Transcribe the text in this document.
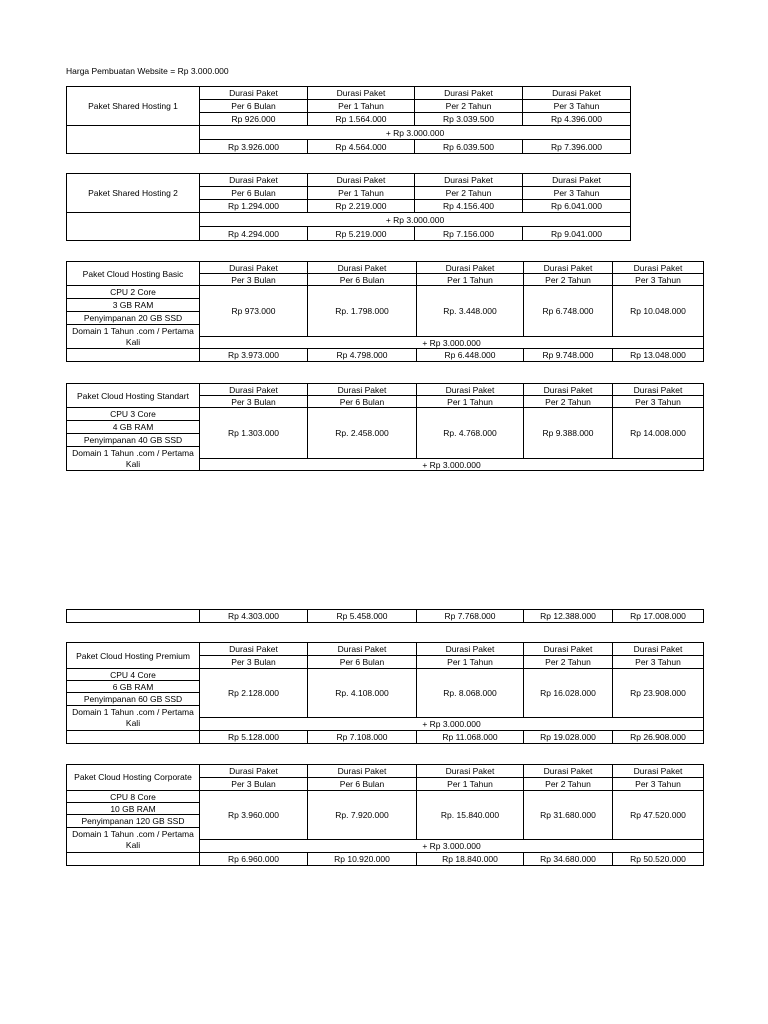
Harga Pembuatan Website = Rp 3.000.000
Paket Shared Hosting 1	Durasi Paket	Durasi Paket	Durasi Paket	Durasi Paket
	Per 6 Bulan	Per 1 Tahun	Per 2 Tahun	Per 3 Tahun
	Rp 926.000	Rp 1.564.000	Rp 3.039.500	Rp 4.396.000
	+ Rp 3.000.000			
	Rp 3.926.000	Rp 4.564.000	Rp 6.039.500	Rp 7.396.000
Paket Shared Hosting 2	Durasi Paket	Durasi Paket	Durasi Paket	Durasi Paket
	Per 6 Bulan	Per 1 Tahun	Per 2 Tahun	Per 3 Tahun
	Rp 1.294.000	Rp 2.219.000	Rp 4.156.400	Rp 6.041.000
	+ Rp 3.000.000			
	Rp 4.294.000	Rp 5.219.000	Rp 7.156.000	Rp 9.041.000
Paket Cloud Hosting Basic	Durasi Paket	Durasi Paket	Durasi Paket	Durasi Paket	Durasi Paket
	Per 3 Bulan	Per 6 Bulan	Per 1 Tahun	Per 2 Tahun	Per 3 Tahun
CPU 2 Core	Rp 973.000	Rp. 1.798.000	Rp. 3.448.000	Rp 6.748.000	Rp 10.048.000
3 GB RAM					
Penyimpanan 20 GB SSD					
Domain 1 Tahun .com / Pertama Kali					
	+ Rp 3.000.000				
	Rp 3.973.000	Rp 4.798.000	Rp 6.448.000	Rp 9.748.000	Rp 13.048.000
Paket Cloud Hosting Standart	Durasi Paket	Durasi Paket	Durasi Paket	Durasi Paket	Durasi Paket
	Per 3 Bulan	Per 6 Bulan	Per 1 Tahun	Per 2 Tahun	Per 3 Tahun
CPU 3 Core	Rp 1.303.000	Rp. 2.458.000	Rp. 4.768.000	Rp 9.388.000	Rp 14.008.000
4 GB RAM					
Penyimpanan 40 GB SSD					
Domain 1 Tahun .com / Pertama Kali					
	+ Rp 3.000.000				
	Rp 4.303.000	Rp 5.458.000	Rp 7.768.000	Rp 12.388.000	Rp 17.008.000
Paket Cloud Hosting Premium	Durasi Paket	Durasi Paket	Durasi Paket	Durasi Paket	Durasi Paket
	Per 3 Bulan	Per 6 Bulan	Per 1 Tahun	Per 2 Tahun	Per 3 Tahun
CPU 4 Core	Rp 2.128.000	Rp. 4.108.000	Rp. 8.068.000	Rp 16.028.000	Rp 23.908.000
6 GB RAM					
Penyimpanan 60 GB SSD					
Domain 1 Tahun .com / Pertama Kali					
	+ Rp 3.000.000				
	Rp 5.128.000	Rp 7.108.000	Rp 11.068.000	Rp 19.028.000	Rp 26.908.000
Paket Cloud Hosting Corporate	Durasi Paket	Durasi Paket	Durasi Paket	Durasi Paket	Durasi Paket
	Per 3 Bulan	Per 6 Bulan	Per 1 Tahun	Per 2 Tahun	Per 3 Tahun
CPU 8 Core	Rp 3.960.000	Rp. 7.920.000	Rp. 15.840.000	Rp 31.680.000	Rp 47.520.000
10 GB RAM					
Penyimpanan 120 GB SSD					
Domain 1 Tahun .com / Pertama Kali					
	+ Rp 3.000.000				
	Rp 6.960.000	Rp 10.920.000	Rp 18.840.000	Rp 34.680.000	Rp 50.520.000
